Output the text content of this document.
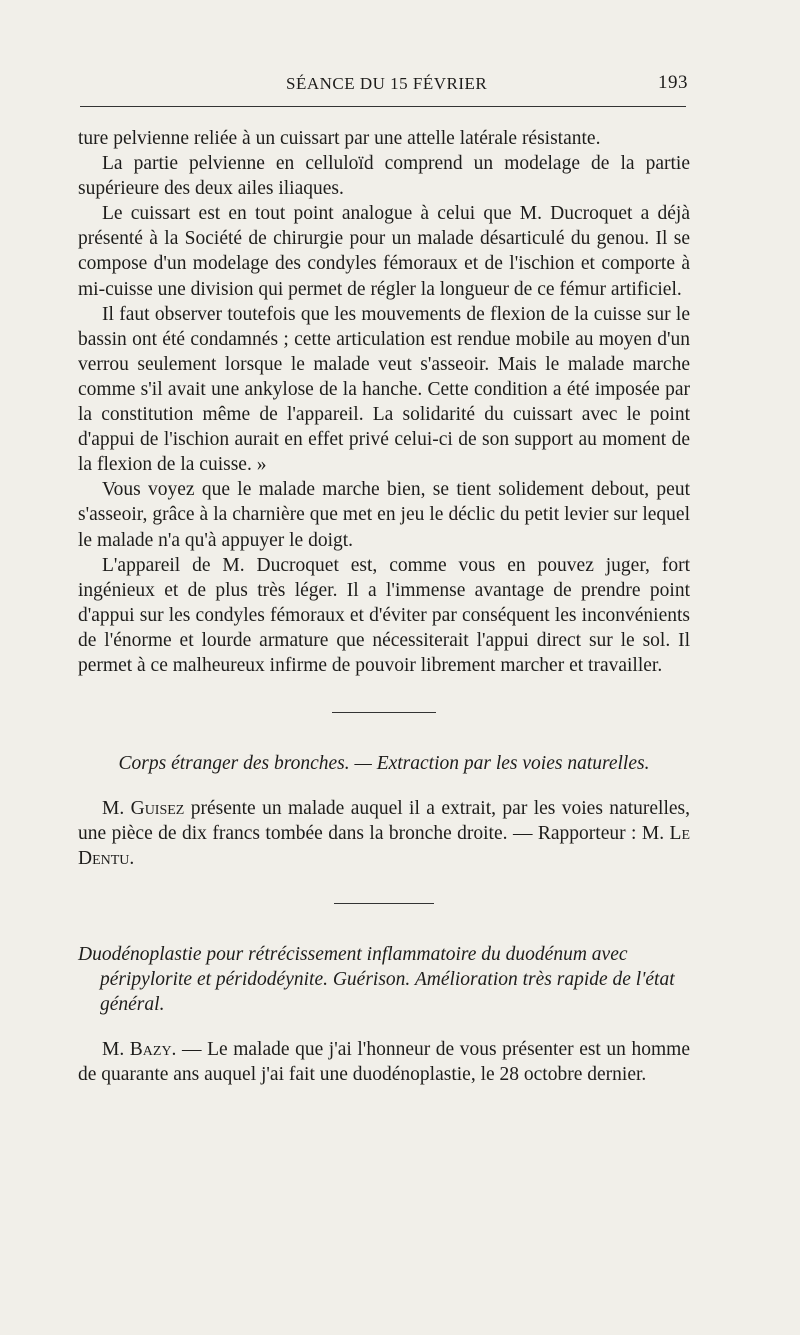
SÉANCE DU 15 FÉVRIER	193

ture pelvienne reliée à un cuissart par une attelle latérale résistante.

La partie pelvienne en celluloïd comprend un modelage de la partie supérieure des deux ailes iliaques.

Le cuissart est en tout point analogue à celui que M. Ducroquet a déjà présenté à la Société de chirurgie pour un malade désarticulé du genou. Il se compose d'un modelage des condyles fémoraux et de l'ischion et comporte à mi-cuisse une division qui permet de régler la longueur de ce fémur artificiel.

Il faut observer toutefois que les mouvements de flexion de la cuisse sur le bassin ont été condamnés ; cette articulation est rendue mobile au moyen d'un verrou seulement lorsque le malade veut s'asseoir. Mais le malade marche comme s'il avait une ankylose de la hanche. Cette condition a été imposée par la constitution même de l'appareil. La solidarité du cuissart avec le point d'appui de l'ischion aurait en effet privé celui-ci de son support au moment de la flexion de la cuisse. »

Vous voyez que le malade marche bien, se tient solidement debout, peut s'asseoir, grâce à la charnière que met en jeu le déclic du petit levier sur lequel le malade n'a qu'à appuyer le doigt.

L'appareil de M. Ducroquet est, comme vous en pouvez juger, fort ingénieux et de plus très léger. Il a l'immense avantage de prendre point d'appui sur les condyles fémoraux et d'éviter par conséquent les inconvénients de l'énorme et lourde armature que nécessiterait l'appui direct sur le sol. Il permet à ce malheureux infirme de pouvoir librement marcher et travailler.

Corps étranger des bronches. — Extraction par les voies naturelles.

M. Guisez présente un malade auquel il a extrait, par les voies naturelles, une pièce de dix francs tombée dans la bronche droite. — Rapporteur : M. Le Dentu.

Duodénoplastie pour rétrécissement inflammatoire du duodénum avec péripylorite et péridodéynite. Guérison. Amélioration très rapide de l'état général.

M. Bazy. — Le malade que j'ai l'honneur de vous présenter est un homme de quarante ans auquel j'ai fait une duodénoplastie, le 28 octobre dernier.
